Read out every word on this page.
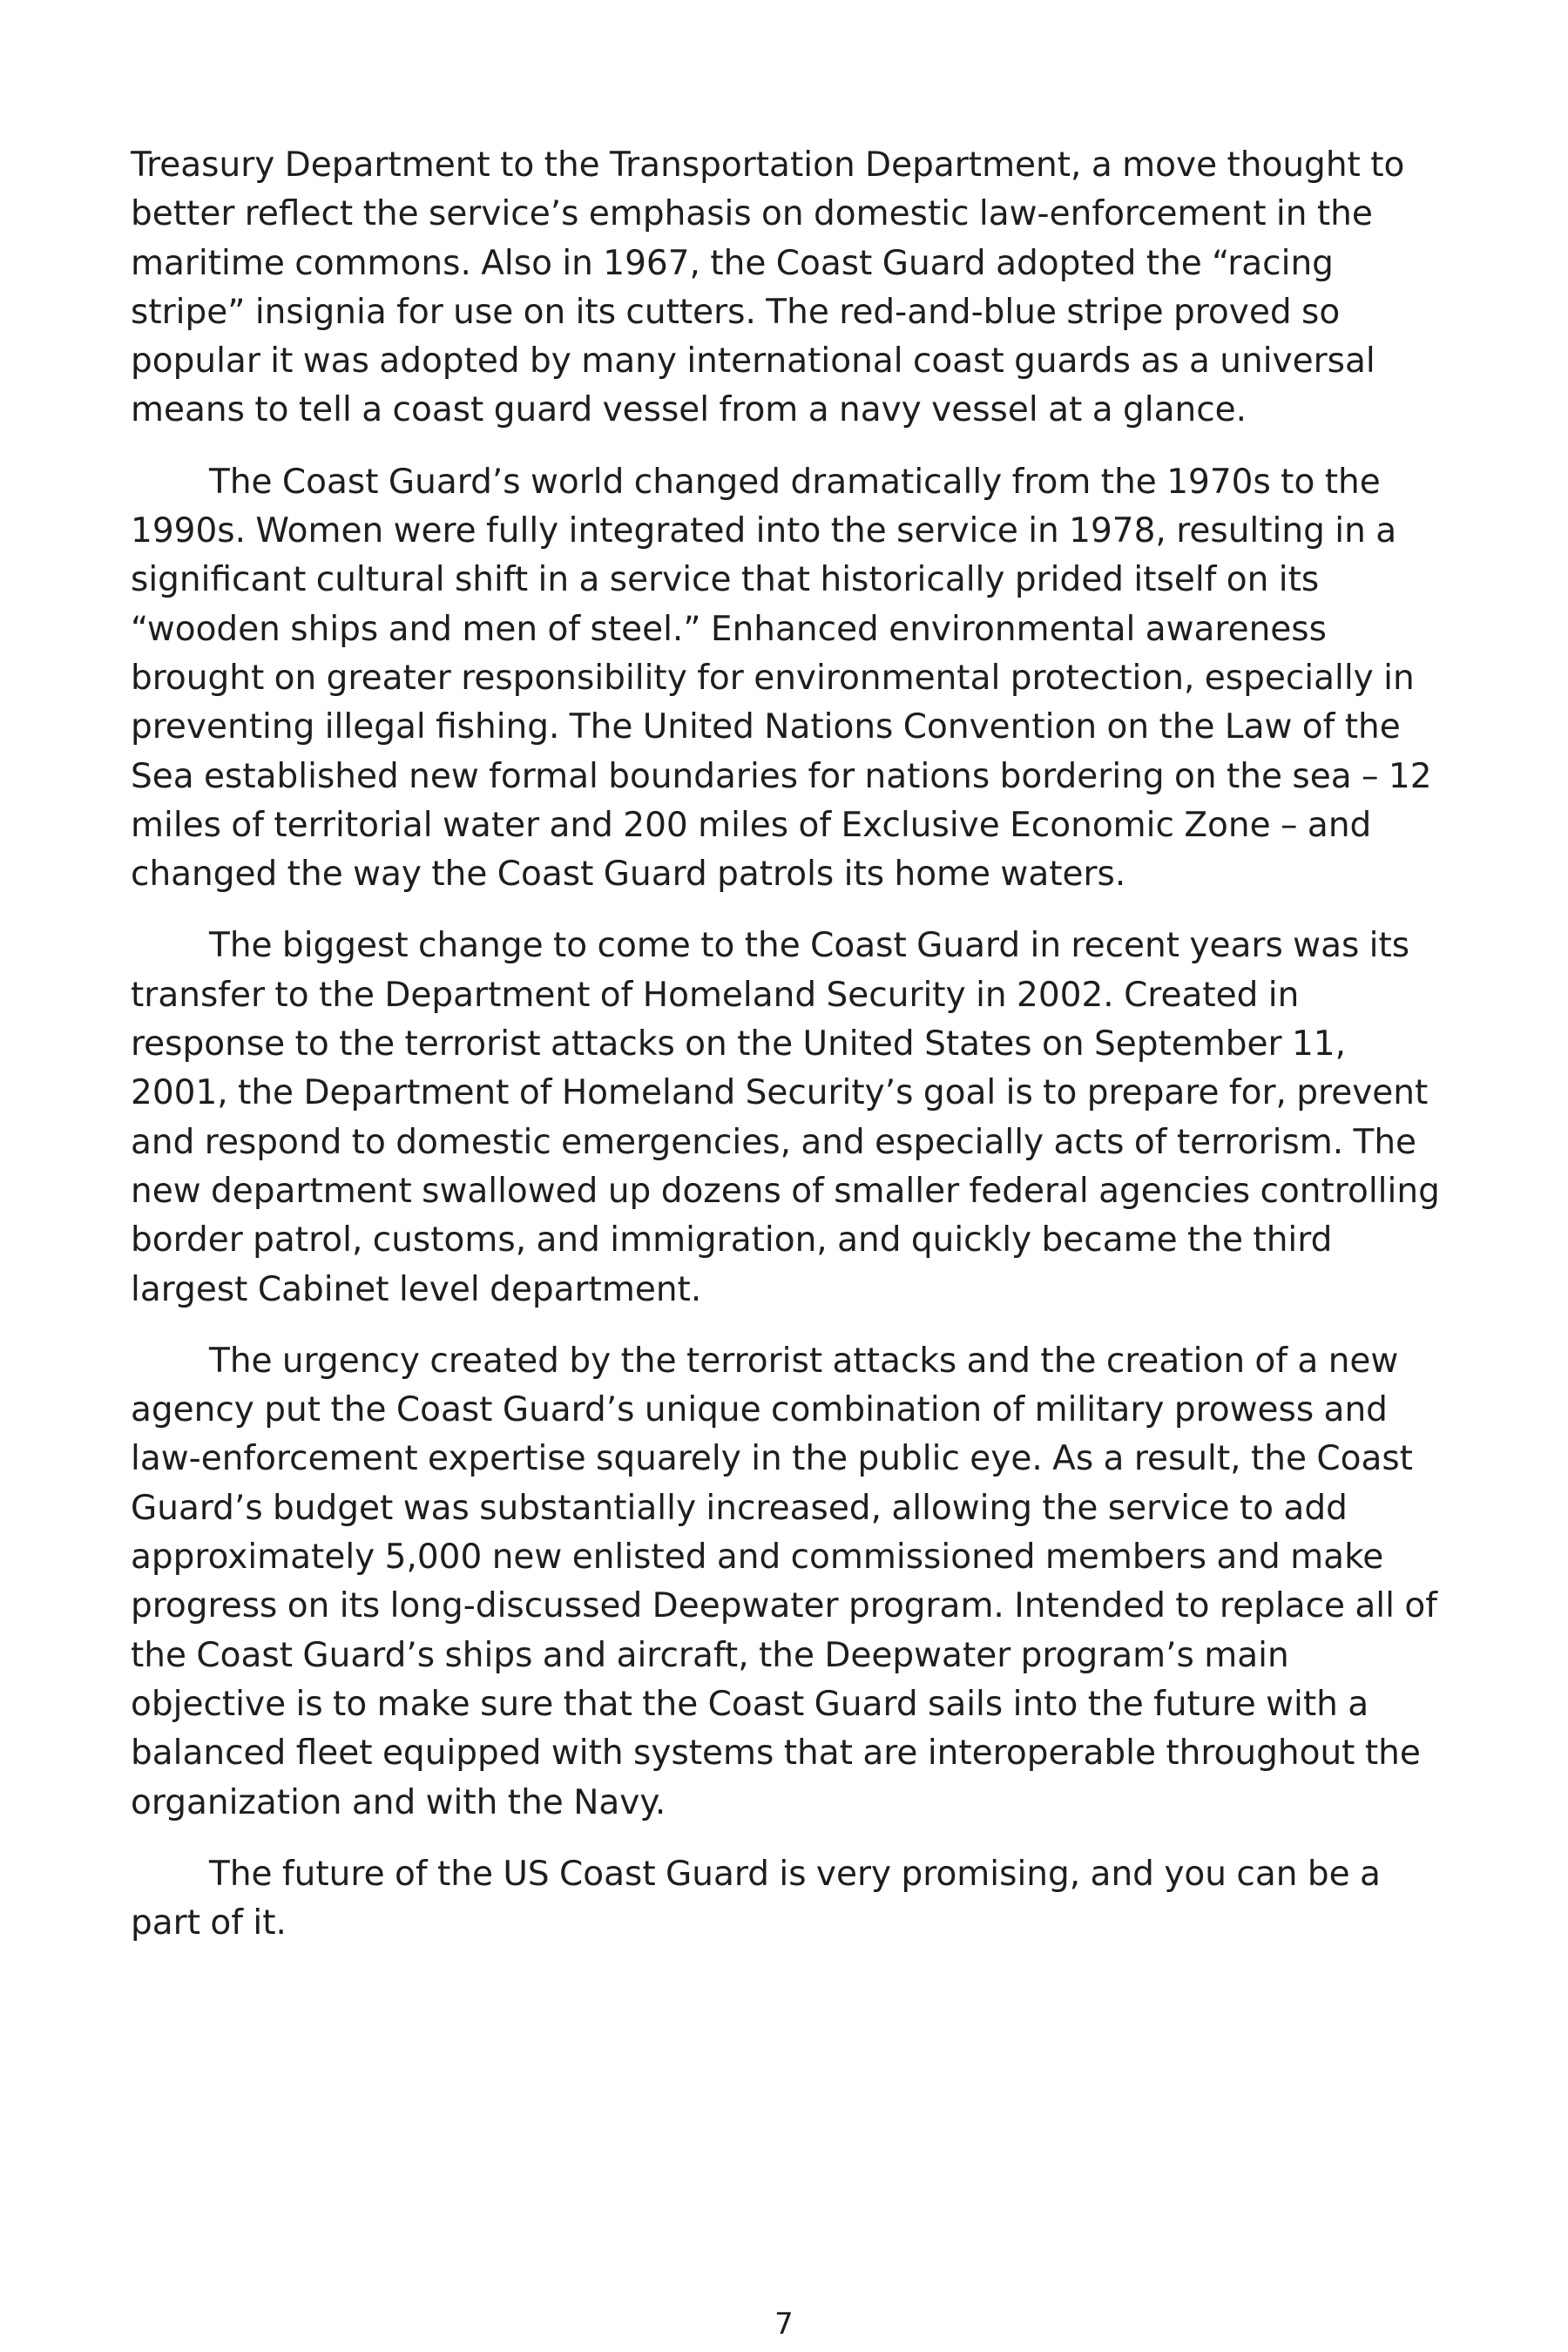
Treasury Department to the Transportation Department, a move thought to better reflect the service’s emphasis on domestic law-enforcement in the maritime commons. Also in 1967, the Coast Guard adopted the “racing stripe” insignia for use on its cutters. The red-and-blue stripe proved so popular it was adopted by many international coast guards as a universal means to tell a coast guard vessel from a navy vessel at a glance.

The Coast Guard’s world changed dramatically from the 1970s to the 1990s. Women were fully integrated into the service in 1978, resulting in a significant cultural shift in a service that historically prided itself on its “wooden ships and men of steel.” Enhanced environmental awareness brought on greater responsibility for environmental protection, especially in preventing illegal fishing. The United Nations Convention on the Law of the Sea established new formal boundaries for nations bordering on the sea – 12 miles of territorial water and 200 miles of Exclusive Economic Zone – and changed the way the Coast Guard patrols its home waters.

The biggest change to come to the Coast Guard in recent years was its transfer to the Department of Homeland Security in 2002. Created in response to the terrorist attacks on the United States on September 11, 2001, the Department of Homeland Security’s goal is to prepare for, prevent and respond to domestic emergencies, and especially acts of terrorism. The new department swallowed up dozens of smaller federal agencies controlling border patrol, customs, and immigration, and quickly became the third largest Cabinet level department.

The urgency created by the terrorist attacks and the creation of a new agency put the Coast Guard’s unique combination of military prowess and law-enforcement expertise squarely in the public eye. As a result, the Coast Guard’s budget was substantially increased, allowing the service to add approximately 5,000 new enlisted and commissioned members and make progress on its long-discussed Deepwater program. Intended to replace all of the Coast Guard’s ships and aircraft, the Deepwater program’s main objective is to make sure that the Coast Guard sails into the future with a balanced fleet equipped with systems that are interoperable throughout the organization and with the Navy.

The future of the US Coast Guard is very promising, and you can be a part of it.

7
